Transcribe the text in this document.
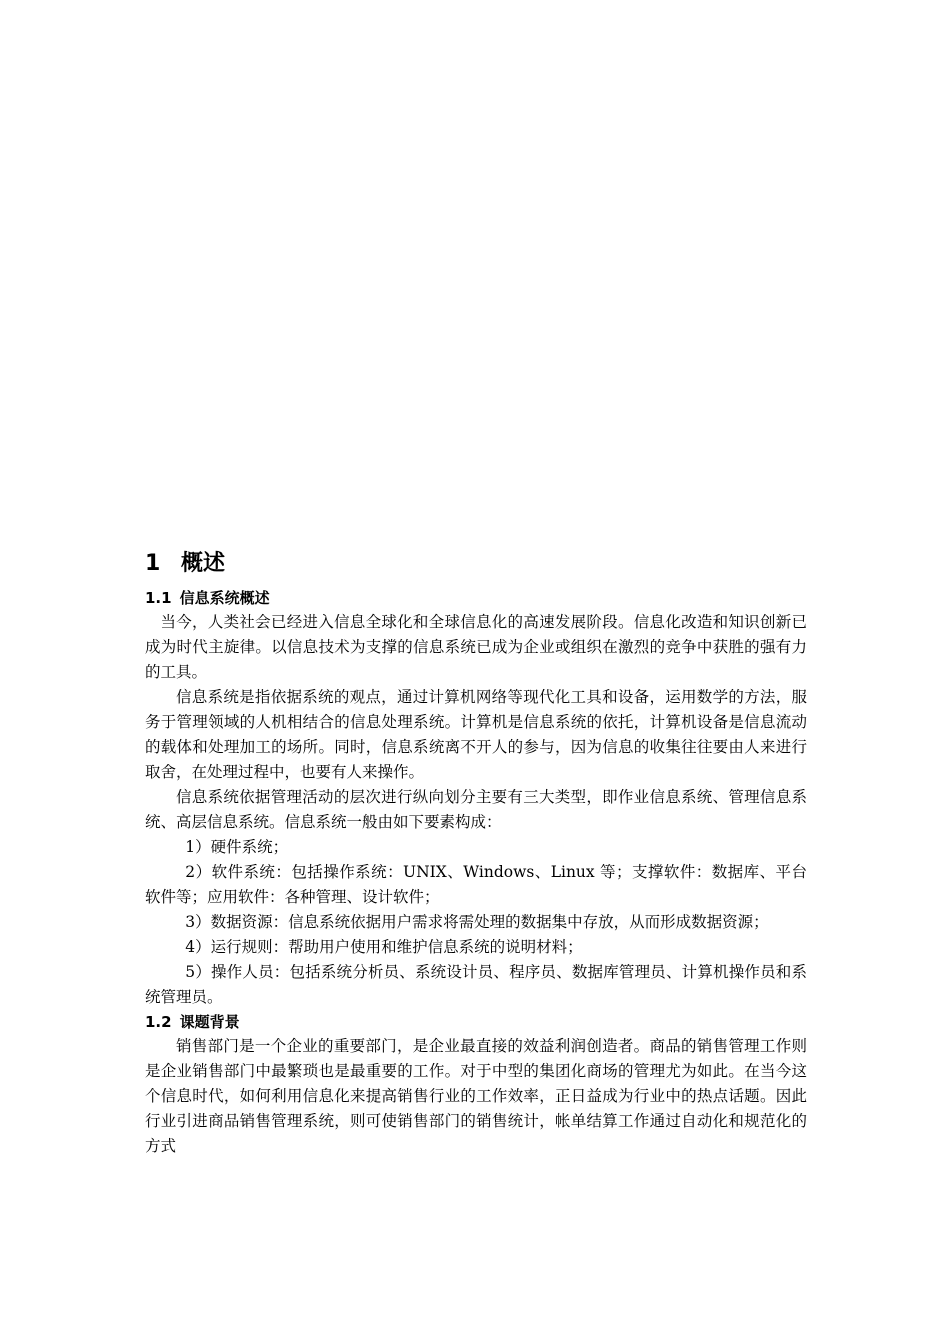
1 概述
1.1 信息系统概述

当今，人类社会已经进入信息全球化和全球信息化的高速发展阶段。信息化改造和知识创新已成为时代主旋律。以信息技术为支撑的信息系统已成为企业或组织在激烈的竞争中获胜的强有力的工具。

信息系统是指依据系统的观点，通过计算机网络等现代化工具和设备，运用数学的方法，服务于管理领域的人机相结合的信息处理系统。计算机是信息系统的依托，计算机设备是信息流动的载体和处理加工的场所。同时，信息系统离不开人的参与，因为信息的收集往往要由人来进行取舍，在处理过程中，也要有人来操作。

信息系统依据管理活动的层次进行纵向划分主要有三大类型，即作业信息系统、管理信息系统、高层信息系统。信息系统一般由如下要素构成：

1）硬件系统；

2）软件系统：包括操作系统：UNIX、Windows、Linux 等；支撑软件：数据库、平台软件等；应用软件：各种管理、设计软件；

3）数据资源：信息系统依据用户需求将需处理的数据集中存放，从而形成数据资源；

4）运行规则：帮助用户使用和维护信息系统的说明材料；

5）操作人员：包括系统分析员、系统设计员、程序员、数据库管理员、计算机操作员和系统管理员。

1.2 课题背景

销售部门是一个企业的重要部门，是企业最直接的效益利润创造者。商品的销售管理工作则是企业销售部门中最繁琐也是最重要的工作。对于中型的集团化商场的管理尤为如此。在当今这个信息时代，如何利用信息化来提高销售行业的工作效率，正日益成为行业中的热点话题。因此行业引进商品销售管理系统，则可使销售部门的销售统计，帐单结算工作通过自动化和规范化的方式
